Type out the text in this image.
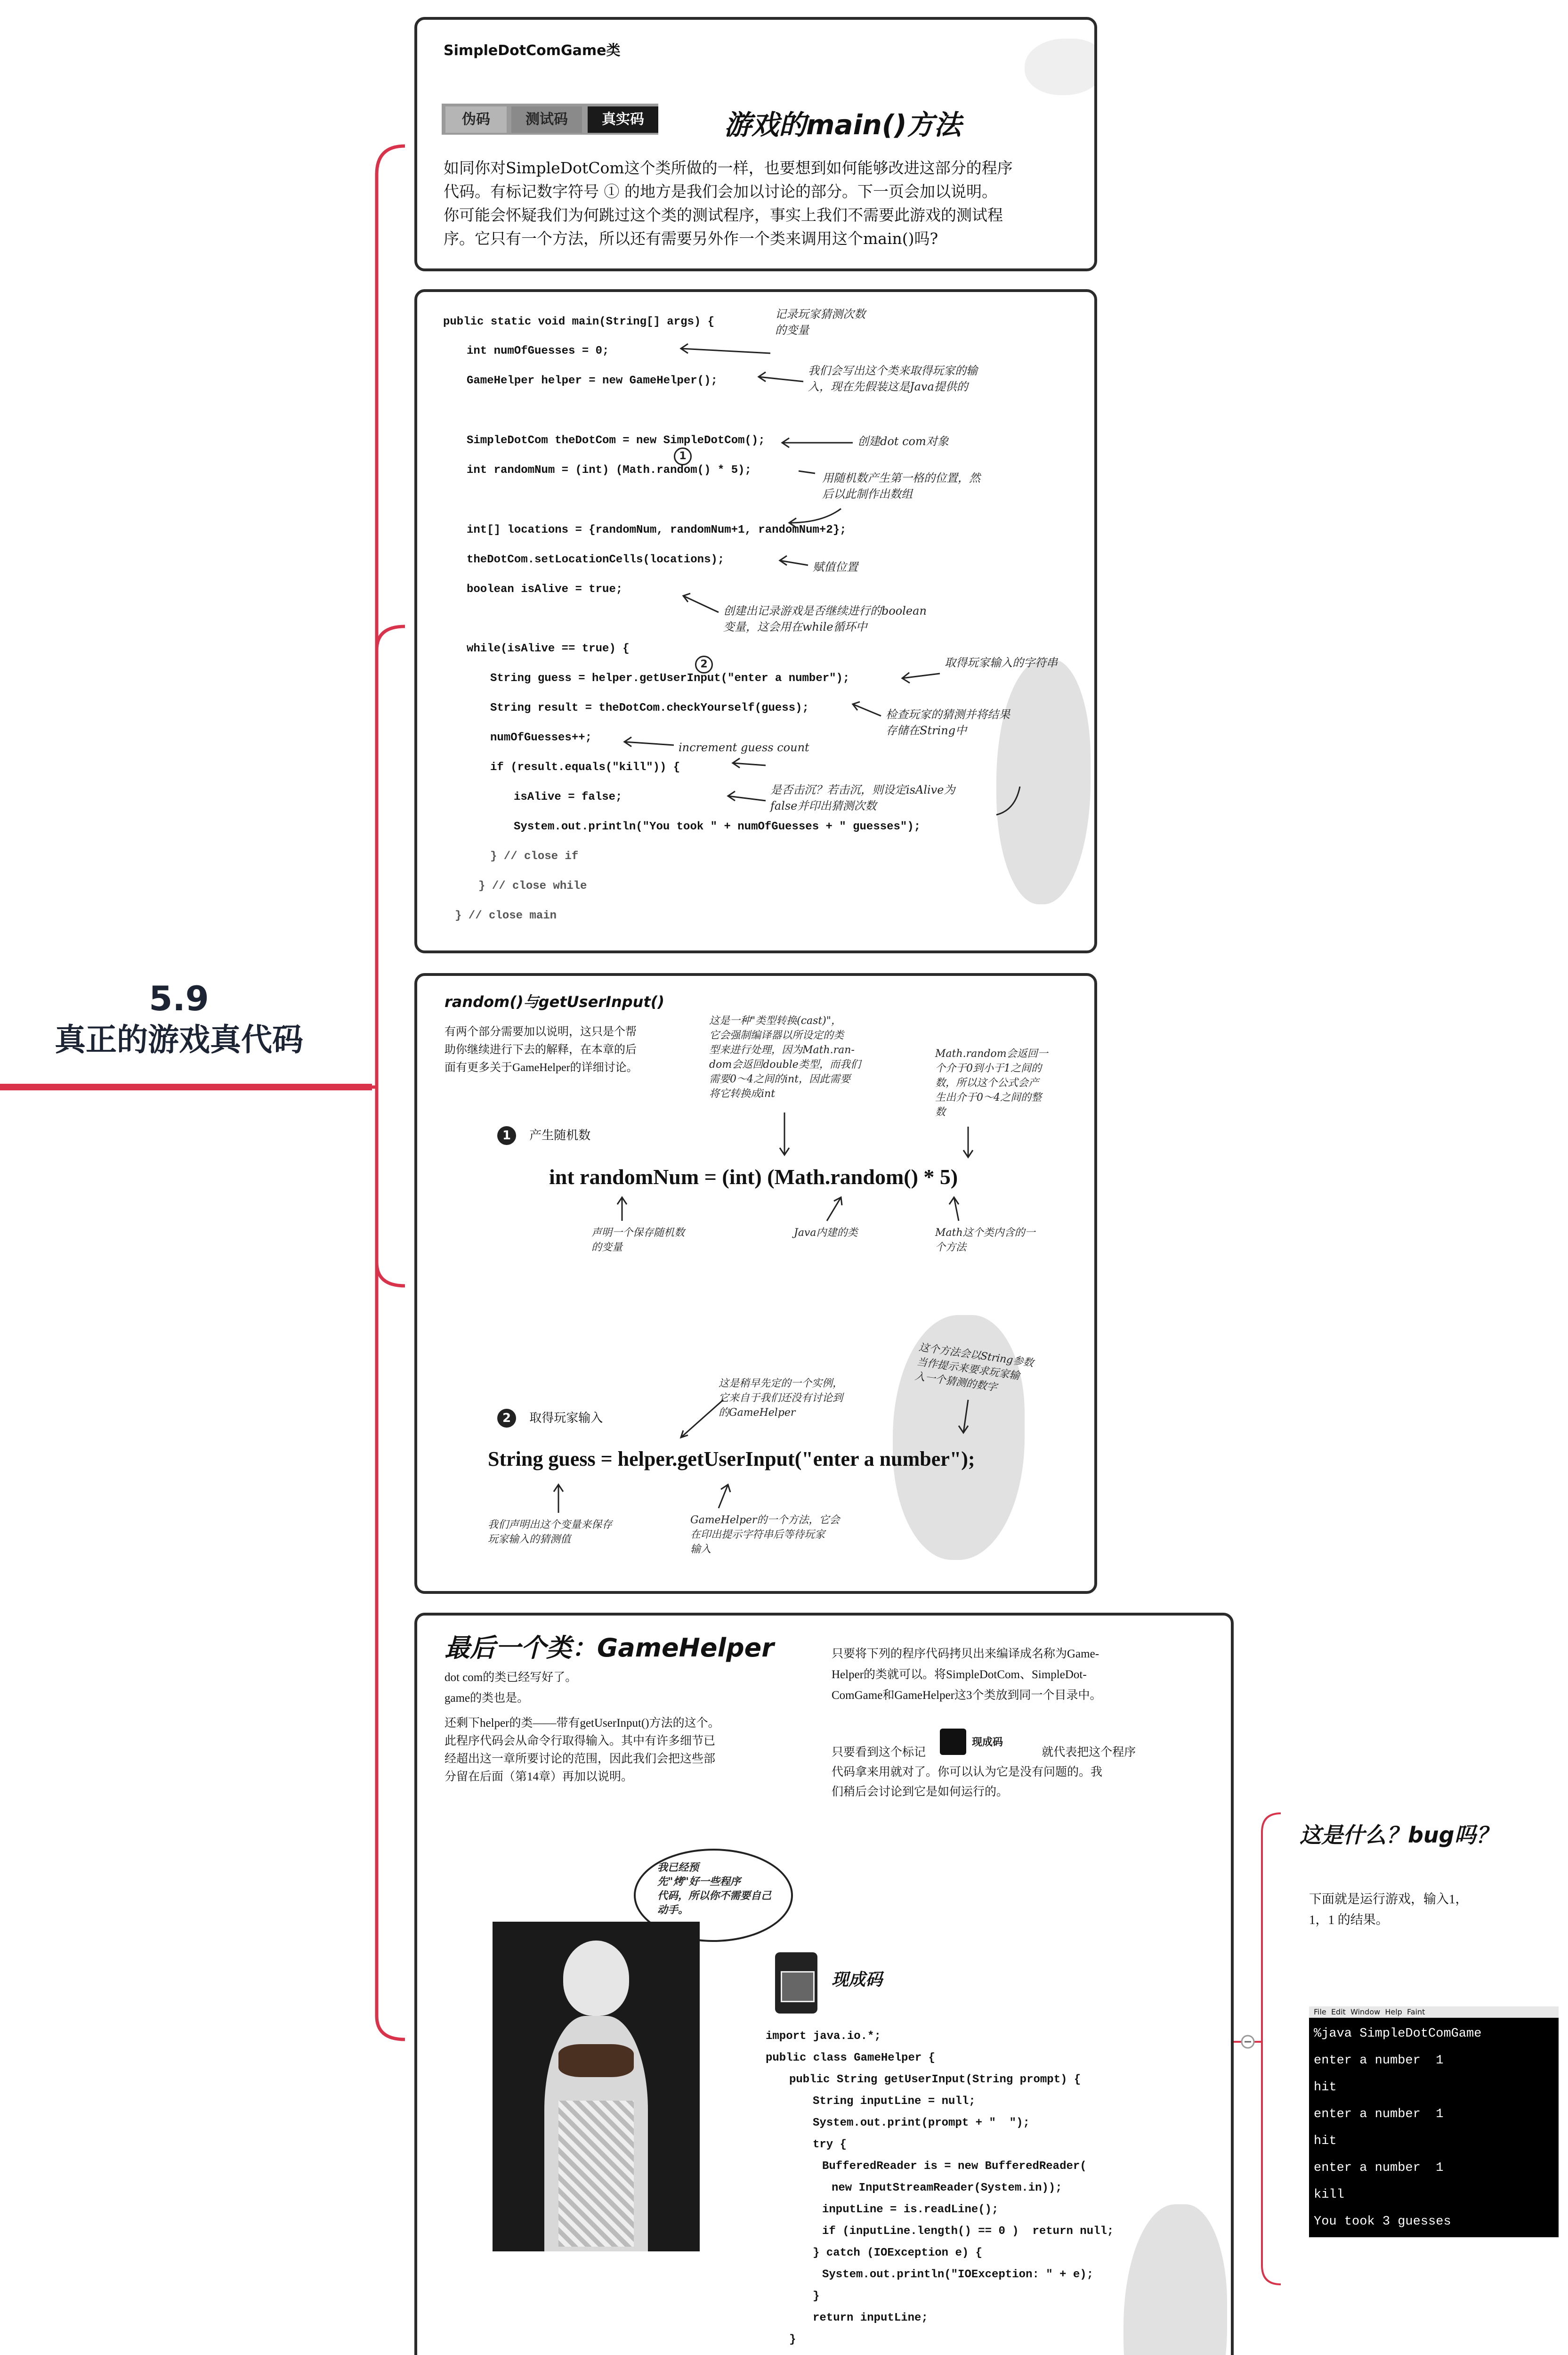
5.9
真正的游戏真代码
SimpleDotComGame类
伪码	测试码	真实码	游戏的main()方法
如同你对SimpleDotCom这个类所做的一样，也要想到如何能够改进这部分的程序
代码。有标记数字符号 ① 的地方是我们会加以讨论的部分。下一页会加以说明。
你可能会怀疑我们为何跳过这个类的测试程序，事实上我们不需要此游戏的测试程
序。它只有一个方法，所以还有需要另外作一个类来调用这个main()吗?
public static void main(String[] args) {
int numOfGuesses = 0;
GameHelper helper = new GameHelper();
SimpleDotCom theDotCom = new SimpleDotCom();
1
int randomNum = (int) (Math.random() * 5);
int[] locations = {randomNum, randomNum+1, randomNum+2};
theDotCom.setLocationCells(locations);
boolean isAlive = true;
while(isAlive == true) {
2
String guess = helper.getUserInput("enter a number");
String result = theDotCom.checkYourself(guess);
numOfGuesses++;
if (result.equals("kill")) {
isAlive = false;
System.out.println("You took " + numOfGuesses + " guesses");
} // close if
} // close while
} // close main
记录玩家猜测次数
的变量
我们会写出这个类来取得玩家的输
入，现在先假装这是Java提供的
创建dot com对象
用随机数产生第一格的位置，然
后以此制作出数组
赋值位置
创建出记录游戏是否继续进行的boolean
变量，这会用在while循环中
取得玩家输入的字符串
检查玩家的猜测并将结果
存储在String中
increment guess count
是否击沉？若击沉，则设定isAlive为
false并印出猜测次数
random()与getUserInput()
有两个部分需要加以说明，这只是个帮
助你继续进行下去的解释，在本章的后
面有更多关于GameHelper的详细讨论。
这是一种"类型转换(cast)"，
它会强制编译器以所设定的类
型来进行处理，因为Math.ran-
dom会返回double类型，而我们
需要0～4之间的int，因此需要
将它转换成int
Math.random会返回一
个介于0到小于1之间的
数，所以这个公式会产
生出介于0～4之间的整
数
1 产生随机数
int randomNum = (int) (Math.random() * 5)
声明一个保存随机数
的变量
Java内建的类	Math这个类内含的一
个方法
这是稍早先定的一个实例，
它来自于我们还没有讨论到
的GameHelper
这个方法会以String参数
当作提示来要求玩家输
入一个猜测的数字
2 取得玩家输入
String guess = helper.getUserInput("enter a number");
我们声明出这个变量来保存
玩家输入的猜测值
GameHelper的一个方法，它会
在印出提示字符串后等待玩家
输入
最后一个类：GameHelper
dot com的类已经写好了。
game的类也是。
还剩下helper的类——带有getUserInput()方法的这个。
此程序代码会从命令行取得输入。其中有许多细节已
经超出这一章所要讨论的范围，因此我们会把这些部
分留在后面（第14章）再加以说明。
只要将下列的程序代码拷贝出来编译成名称为Game-
Helper的类就可以。将SimpleDotCom、SimpleDot-
ComGame和GameHelper这3个类放到同一个目录中。
只要看到这个标记
现成码
就代表把这个程序
代码拿来用就对了。你可以认为它是没有问题的。我
们稍后会讨论到它是如何运行的。
我已经预
先"烤"好一些程序
代码，所以你不需要自己
动手。
现成码
import java.io.*;
public class GameHelper {
public String getUserInput(String prompt) {
String inputLine = null;
System.out.print(prompt + "  ");
try {
BufferedReader is = new BufferedReader(
new InputStreamReader(System.in));
inputLine = is.readLine();
if (inputLine.length() == 0 )  return null;
} catch (IOException e) {
System.out.println("IOException: " + e);
}
return inputLine;
}
这是什么？bug吗？
下面就是运行游戏，输入1，
1，1 的结果。
File  Edit  Window  Help  Faint
%java SimpleDotComGame
enter a number  1
hit
enter a number  1
hit
enter a number  1
kill
You took 3 guesses
